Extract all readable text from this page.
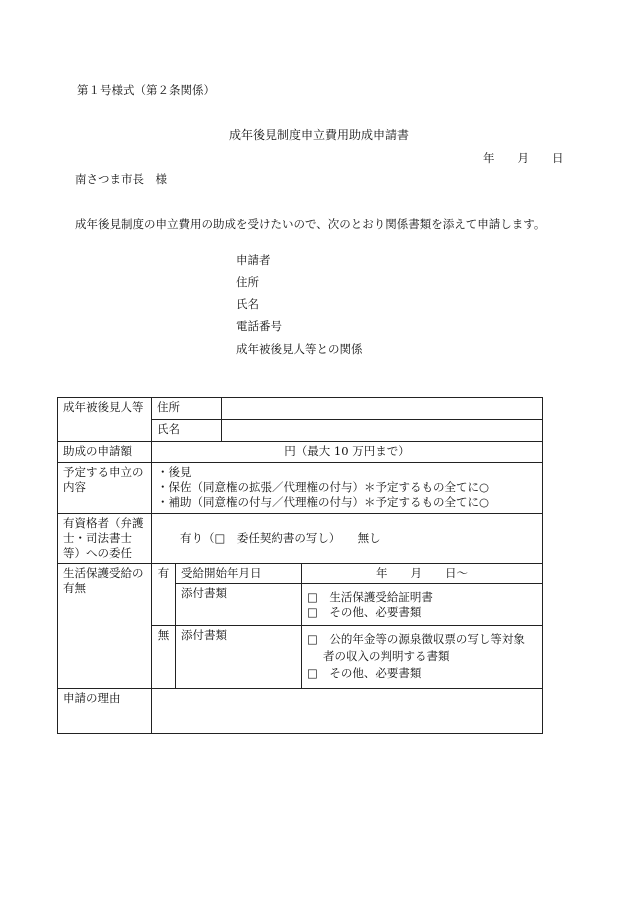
第１号様式（第２条関係）
成年後見制度申立費用助成申請書
年　　月　　日
南さつま市長　様
成年後見制度の申立費用の助成を受けたいので、次のとおり関係書類を添えて申請します。
申請者
住所
氏名
電話番号
成年被後見人等との関係
成年被後見人等	住所			
	氏名			
助成の申請額	円（最大 10 万円まで）			
予定する申立の内容	・後見
・保佐（同意権の拡張／代理権の付与）＊予定するもの全てに○
・補助（同意権の付与／代理権の付与）＊予定するもの全てに○			

有資格者（弁護士・司法書士等）への委任	有り（□　委任契約書の写し）　　無し			
生活保護受給の有無	有	受給開始年月日		年　　月　　日～
		添付書類		□　生活保護受給証明書
□　その他、必要書類

	無	添付書類		□　公的年金等の源泉徴収票の写し等対象
者の収入の判明する書類
□　その他、必要書類

申請の理由				
